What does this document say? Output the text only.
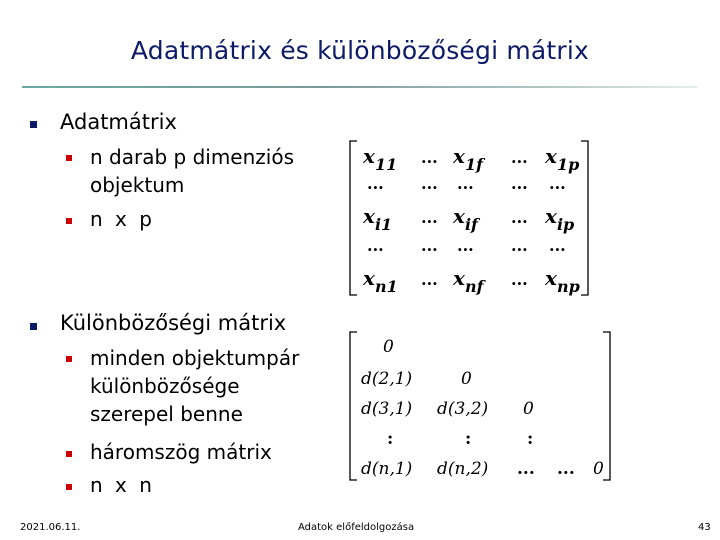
Adatmátrix és különbözőségi mátrix
Adatmátrix
n darab p dimenziós objektum
n x p
Különbözőségi mátrix
minden objektumpár különbözősége szerepel benne
háromszög mátrix
n x n
$x_{11}$ ... $x_{1f}$ ... $x_{1p}$
... ... ... ... ...
$x_{i1}$ ... $x_{if}$ ... $x_{ip}$
... ... ... ... ...
$x_{n1}$ ... $x_{nf}$ ... $x_{np}$
0
d(2,1)	0
d(3,1) d(3,2) 0
:	:	:
d(n,1) d(n,2) ... ... 0
2021.06.11.	Adatok előfeldolgozása	43
